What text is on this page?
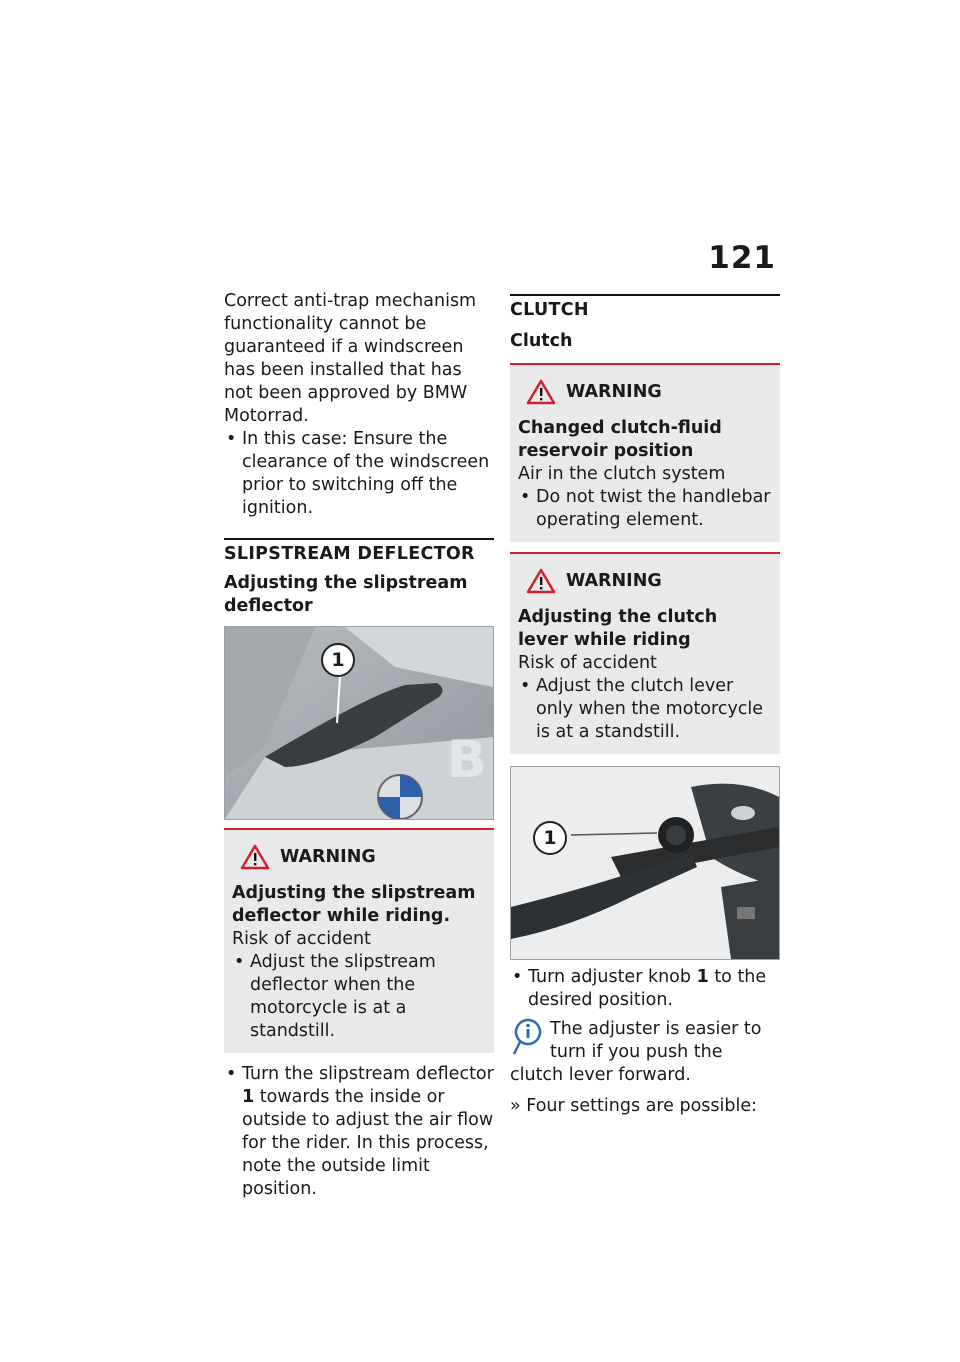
121

Correct anti-trap mechanism functionality cannot be guaranteed if a windscreen has been installed that has not been approved by BMW Motorrad.

• In this case: Ensure the clearance of the windscreen prior to switching off the ignition.
SLIPSTREAM DEFLECTOR
Adjusting the slipstream deflector
B
1
WARNING
Adjusting the slipstream deflector while riding.
Risk of accident
• Adjust the slipstream deflector when the motorcycle is at a standstill.
• Turn the slipstream deflector 1 towards the inside or outside to adjust the air flow for the rider. In this process, note the outside limit position.
CLUTCH
Clutch
WARNING
Changed clutch-fluid reservoir position
Air in the clutch system
• Do not twist the handlebar operating element.
WARNING
Adjusting the clutch lever while riding
Risk of accident
• Adjust the clutch lever only when the motorcycle is at a standstill.
1
• Turn adjuster knob 1 to the desired position.
The adjuster is easier to turn if you push the clutch lever forward.
» Four settings are possible:
